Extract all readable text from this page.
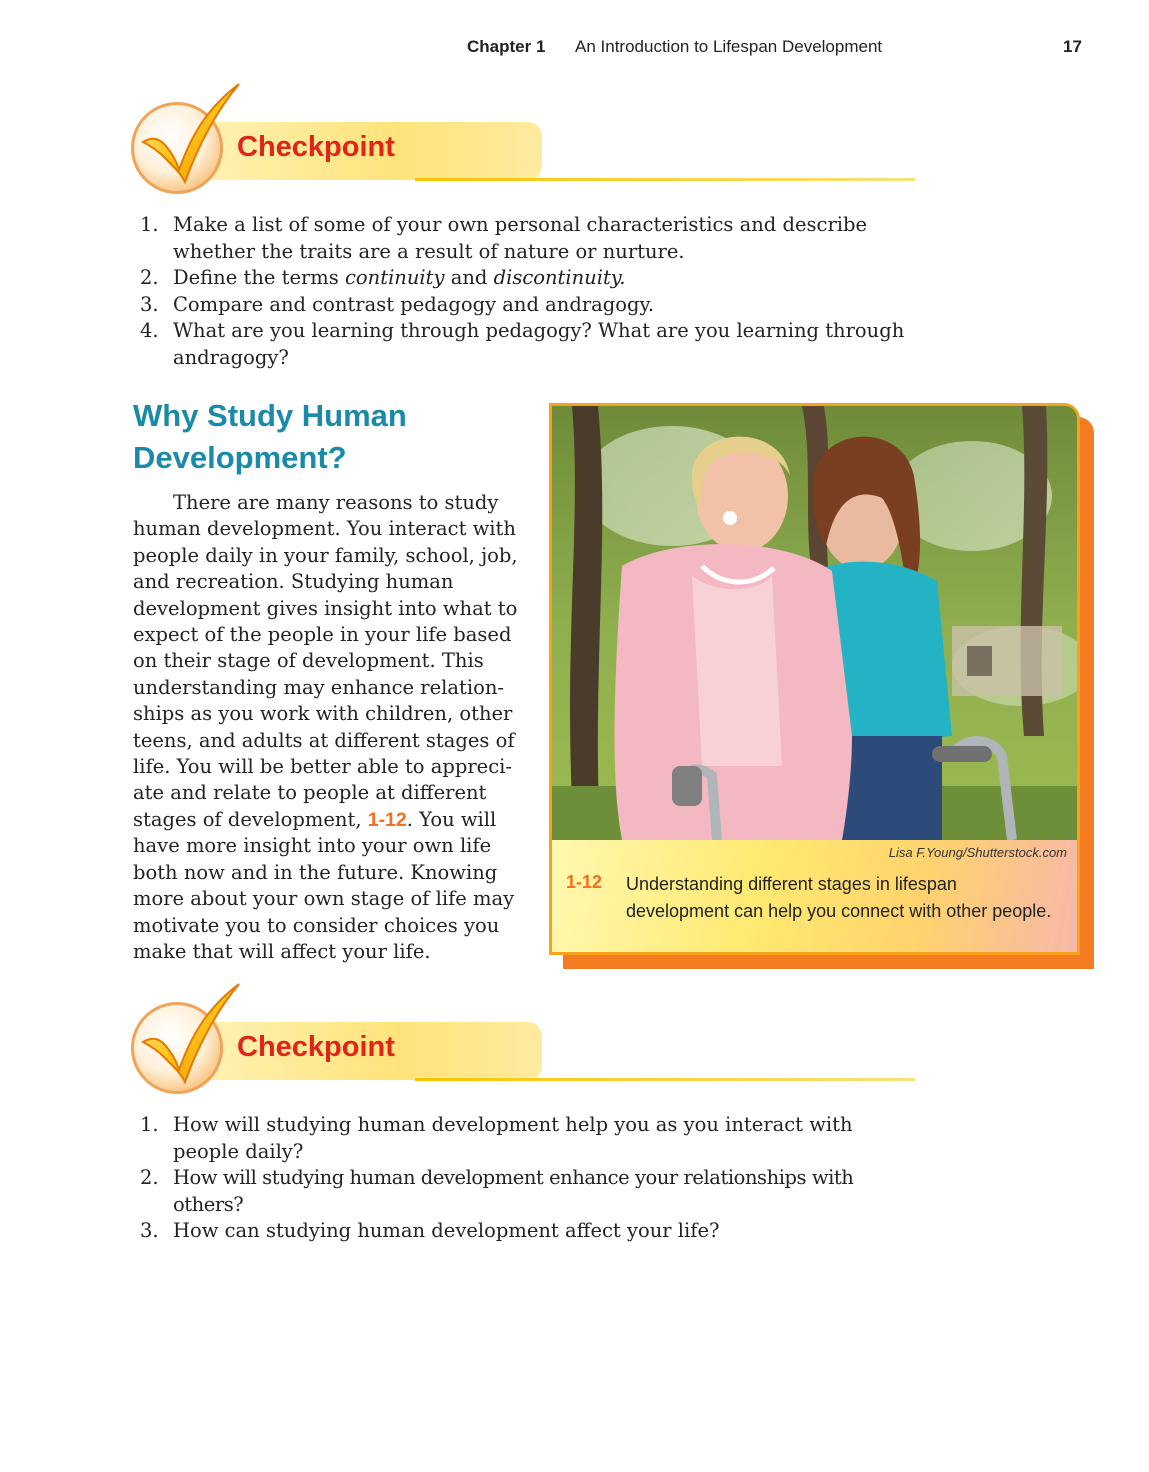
Chapter 1 An Introduction to Lifespan Development	17
Checkpoint
1. Make a list of some of your own personal characteristics and describe whether the traits are a result of nature or nurture.
2. Define the terms continuity and discontinuity.
3. Compare and contrast pedagogy and andragogy.
4. What are you learning through pedagogy? What are you learning through andragogy?
Why Study Human Development?

There are many reasons to study human development. You interact with people daily in your family, school, job, and recreation. Studying human development gives insight into what to expect of the people in your life based on their stage of development. This understanding may enhance relationships as you work with children, other teens, and adults at different stages of life. You will be better able to appreciate and relate to people at different stages of development, 1-12. You will have more insight into your own life both now and in the future. Knowing more about your own stage of life may motivate you to consider choices you make that will affect your life.

Lisa F.Young/Shutterstock.com
1-12 Understanding different stages in lifespan development can help you connect with other people.

Checkpoint
1. How will studying human development help you as you interact with people daily?
2. How will studying human development enhance your relationships with others?
3. How can studying human development affect your life?
